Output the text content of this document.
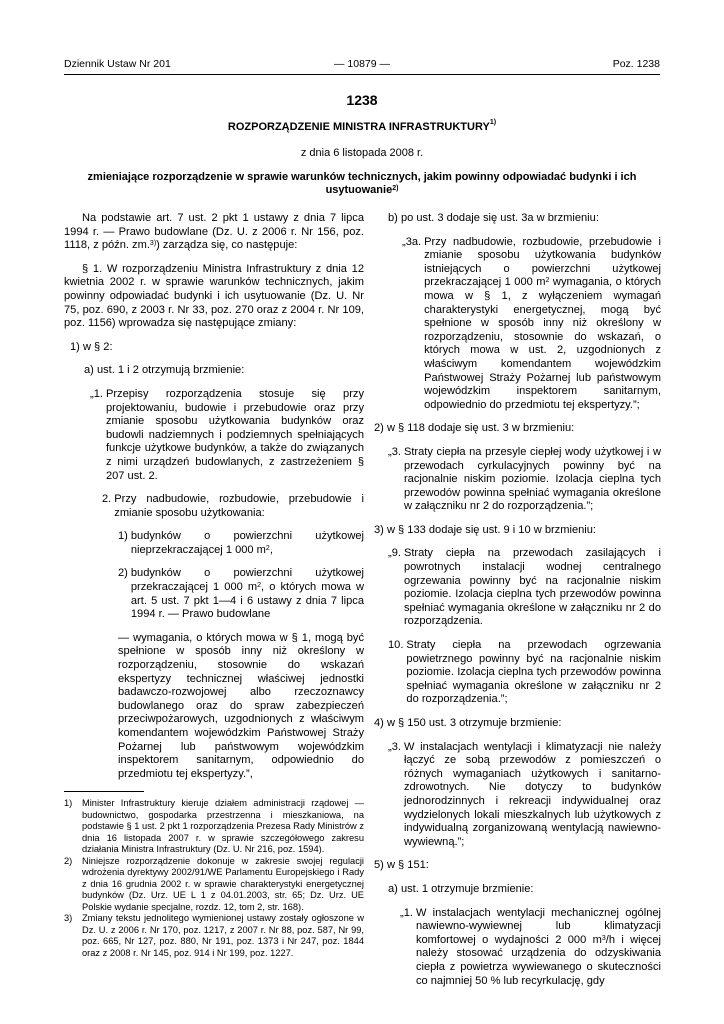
Dziennik Ustaw Nr 201	— 10879 —	Poz. 1238
1238
ROZPORZĄDZENIE MINISTRA INFRASTRUKTURY$^{1)}$
z dnia 6 listopada 2008 r.
zmieniające rozporządzenie w sprawie warunków technicznych, jakim powinny odpowiadać budynki i ich usytuowanie$^{2)}$

Na podstawie art. 7 ust. 2 pkt 1 ustawy z dnia 7 lipca 1994 r. — Prawo budowlane (Dz. U. z 2006 r. Nr 156, poz. 1118, z późn. zm.$^{3)}$) zarządza się, co następuje:

§ 1. W rozporządzeniu Ministra Infrastruktury z dnia 12 kwietnia 2002 r. w sprawie warunków technicznych, jakim powinny odpowiadać budynki i ich usytuowanie (Dz. U. Nr 75, poz. 690, z 2003 r. Nr 33, poz. 270 oraz z 2004 r. Nr 109, poz. 1156) wprowadza się następujące zmiany:

1) w § 2:
a) ust. 1 i 2 otrzymują brzmienie:
„1. Przepisy rozporządzenia stosuje się przy projektowaniu, budowie i przebudowie oraz przy zmianie sposobu użytkowania budynków oraz budowli nadziemnych i podziemnych spełniających funkcje użytkowe budynków, a także do związanych z nimi urządzeń budowlanych, z zastrzeżeniem § 207 ust. 2.
2. Przy nadbudowie, rozbudowie, przebudowie i zmianie sposobu użytkowania:
1) budynków o powierzchni użytkowej nieprzekraczającej 1 000 $m^2$,
2) budynków o powierzchni użytkowej przekraczającej 1 000 $m^2$, o których mowa w art. 5 ust. 7 pkt 1—4 i 6 ustawy z dnia 7 lipca 1994 r. — Prawo budowlane

— wymagania, o których mowa w § 1, mogą być spełnione w sposób inny niż określony w rozporządzeniu, stosownie do wskazań ekspertyzy technicznej właściwej jednostki badawczo-rozwojowej albo rzeczoznawcy budowlanego oraz do spraw zabezpieczeń przeciwpożarowych, uzgodnionych z właściwym komendantem wojewódzkim Państwowej Straży Pożarnej lub państwowym wojewódzkim inspektorem sanitarnym, odpowiednio do przedmiotu tej ekspertyzy.”,

1)	Minister Infrastruktury kieruje działem administracji rządowej — budownictwo, gospodarka przestrzenna i mieszkaniowa, na podstawie § 1 ust. 2 pkt 1 rozporządzenia Prezesa Rady Ministrów z dnia 16 listopada 2007 r. w sprawie szczegółowego zakresu działania Ministra Infrastruktury (Dz. U. Nr 216, poz. 1594).
2)	Niniejsze rozporządzenie dokonuje w zakresie swojej regulacji wdrożenia dyrektywy 2002/91/WE Parlamentu Europejskiego i Rady z dnia 16 grudnia 2002 r. w sprawie charakterystyki energetycznej budynków (Dz. Urz. UE L 1 z 04.01.2003, str. 65; Dz. Urz. UE Polskie wydanie specjalne, rozdz. 12, tom 2, str. 168).
3)	Zmiany tekstu jednolitego wymienionej ustawy zostały ogłoszone w Dz. U. z 2006 r. Nr 170, poz. 1217, z 2007 r. Nr 88, poz. 587, Nr 99, poz. 665, Nr 127, poz. 880, Nr 191, poz. 1373 i Nr 247, poz. 1844 oraz z 2008 r. Nr 145, poz. 914 i Nr 199, poz. 1227.
b) po ust. 3 dodaje się ust. 3a w brzmieniu:
„3a. Przy nadbudowie, rozbudowie, przebudowie i zmianie sposobu użytkowania budynków istniejących o powierzchni użytkowej przekraczającej 1 000 $m^2$ wymagania, o których mowa w § 1, z wyłączeniem wymagań charakterystyki energetycznej, mogą być spełnione w sposób inny niż określony w rozporządzeniu, stosownie do wskazań, o których mowa w ust. 2, uzgodnionych z właściwym komendantem wojewódzkim Państwowej Straży Pożarnej lub państwowym wojewódzkim inspektorem sanitarnym, odpowiednio do przedmiotu tej ekspertyzy.”;
2) w § 118 dodaje się ust. 3 w brzmieniu:
„3. Straty ciepła na przesyle ciepłej wody użytkowej i w przewodach cyrkulacyjnych powinny być na racjonalnie niskim poziomie. Izolacja cieplna tych przewodów powinna spełniać wymagania określone w załączniku nr 2 do rozporządzenia.”;
3) w § 133 dodaje się ust. 9 i 10 w brzmieniu:
„9. Straty ciepła na przewodach zasilających i powrotnych instalacji wodnej centralnego ogrzewania powinny być na racjonalnie niskim poziomie. Izolacja cieplna tych przewodów powinna spełniać wymagania określone w załączniku nr 2 do rozporządzenia.
10. Straty ciepła na przewodach ogrzewania powietrznego powinny być na racjonalnie niskim poziomie. Izolacja cieplna tych przewodów powinna spełniać wymagania określone w załączniku nr 2 do rozporządzenia.”;
4) w § 150 ust. 3 otrzymuje brzmienie:
„3. W instalacjach wentylacji i klimatyzacji nie należy łączyć ze sobą przewodów z pomieszczeń o różnych wymaganiach użytkowych i sanitarno-zdrowotnych. Nie dotyczy to budynków jednorodzinnych i rekreacji indywidualnej oraz wydzielonych lokali mieszkalnych lub użytkowych z indywidualną zorganizowaną wentylacją nawiewno-wywiewną.”;
5) w § 151:
a) ust. 1 otrzymuje brzmienie:
„1. W instalacjach wentylacji mechanicznej ogólnej nawiewno-wywiewnej lub klimatyzacji komfortowej o wydajności 2 000 $m^3/h$ i więcej należy stosować urządzenia do odzyskiwania ciepła z powietrza wywiewanego o skuteczności co najmniej 50 % lub recyrkulację, gdy
